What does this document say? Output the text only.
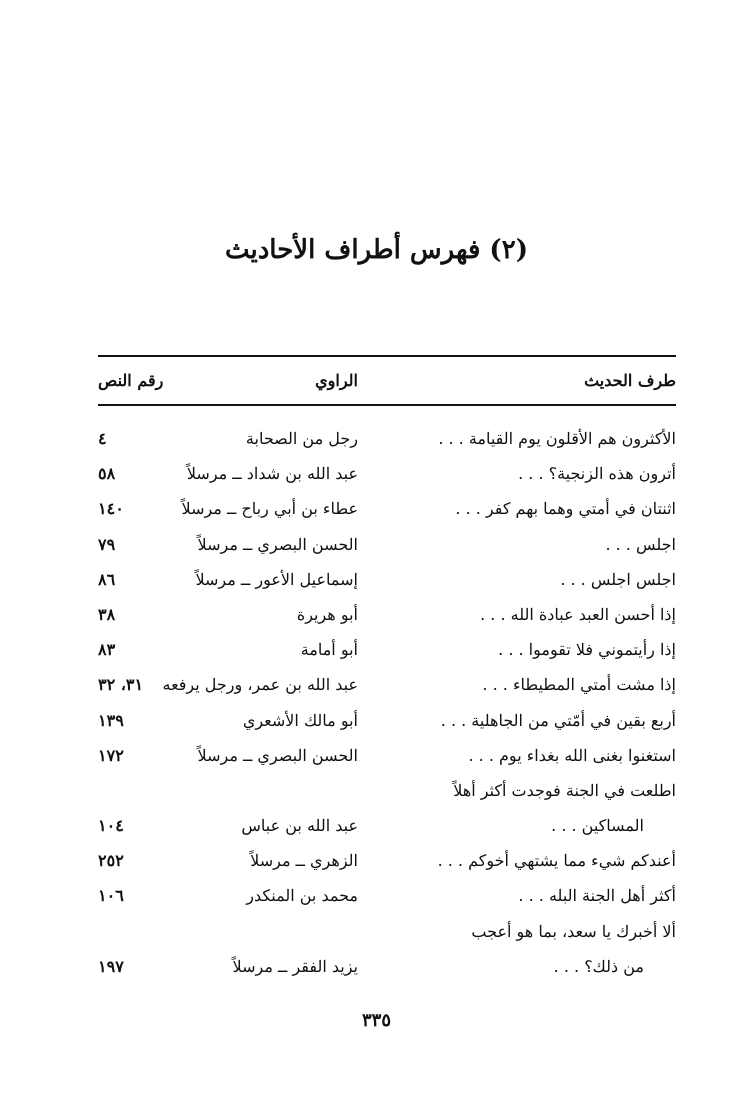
(٢) فهرس أطراف الأحاديث
طرف الحديث
الراوي
رقم النص
الأكثرون هم الأقلون يوم القيامة . . .
رجل من الصحابة
٤
أترون هذه الزنجية؟ . . .
عبد الله بن شداد ــ مرسلاً
٥٨
اثنتان في أمتي وهما بهم كفر . . .
عطاء بن أبي رباح ــ مرسلاً
١٤٠
اجلس . . .
الحسن البصري ــ مرسلاً
٧٩
اجلس اجلس . . .
إسماعيل الأعور ــ مرسلاً
٨٦
إذا أحسن العبد عبادة الله . . .
أبو هريرة
٣٨
إذا رأيتموني فلا تقوموا . . .
أبو أمامة
٨٣
إذا مشت أمتي المطيطاء . . .
عبد الله بن عمر، ورجل يرفعه
٣١، ٣٢
أربع بقين في أمّتي من الجاهلية . . .
أبو مالك الأشعري
١٣٩
استغنوا بغنى الله بغداء يوم . . .
الحسن البصري ــ مرسلاً
١٧٢
اطلعت في الجنة فوجدت أكثر أهلاً
المساكين . . .
عبد الله بن عباس
١٠٤
أعندكم شيء مما يشتهي أخوكم . . .
الزهري ــ مرسلاً
٢٥٢
أكثر أهل الجنة البله . . .
محمد بن المنكدر
١٠٦
ألا أخبرك يا سعد، بما هو أعجب
من ذلك؟ . . .
يزيد الفقر ــ مرسلاً
١٩٧
٣٣٥
